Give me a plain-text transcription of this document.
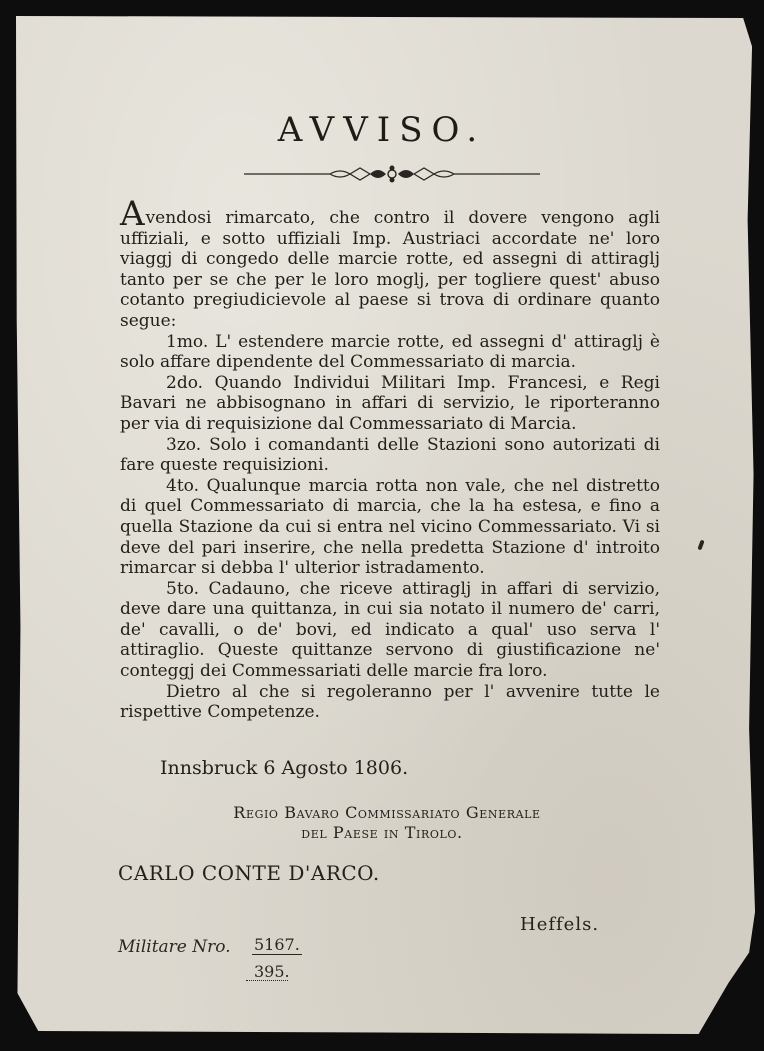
AVVISO.

Avendosi rimarcato, che contro il dovere vengono agli uffiziali, e sotto uffiziali Imp. Austriaci accordate ne' loro viaggj di congedo delle marcie rotte, ed assegni di attiraglj tanto per se che per le loro moglj, per togliere quest' abuso cotanto pregiudicievole al paese si trova di ordinare quanto segue:

1mo. L' estendere marcie rotte, ed assegni d' attiraglj è solo affare dipendente del Commessariato di marcia.

2do. Quando Individui Militari Imp. Francesi, e Regi Bavari ne abbisognano in affari di servizio, le riporteranno per via di requisizione dal Commessariato di Marcia.

3zo. Solo i comandanti delle Stazioni sono autorizati di fare queste requisizioni.

4to. Qualunque marcia rotta non vale, che nel distretto di quel Commessariato di marcia, che la ha estesa, e fino a quella Stazione da cui si entra nel vicino Commessariato. Vi si deve del pari inserire, che nella predetta Stazione d' introito rimarcar si debba l' ulterior istradamento.

5to. Cadauno, che riceve attiraglj in affari di servizio, deve dare una quittanza, in cui sia notato il numero de' carri, de' cavalli, o de' bovi, ed indicato a qual' uso serva l' attiraglio. Queste quittanze servono di giustificazione ne' conteggj dei Commessariati delle marcie fra loro.

Dietro al che si regoleranno per l' avvenire tutte le rispettive Competenze.

Innsbruck 6 Agosto 1806.
Regio Bavaro Commissariato Generale
del Paese in Tirolo.
CARLO CONTE D'ARCO.
Heffels.
Militare Nro. 5167.
395.
